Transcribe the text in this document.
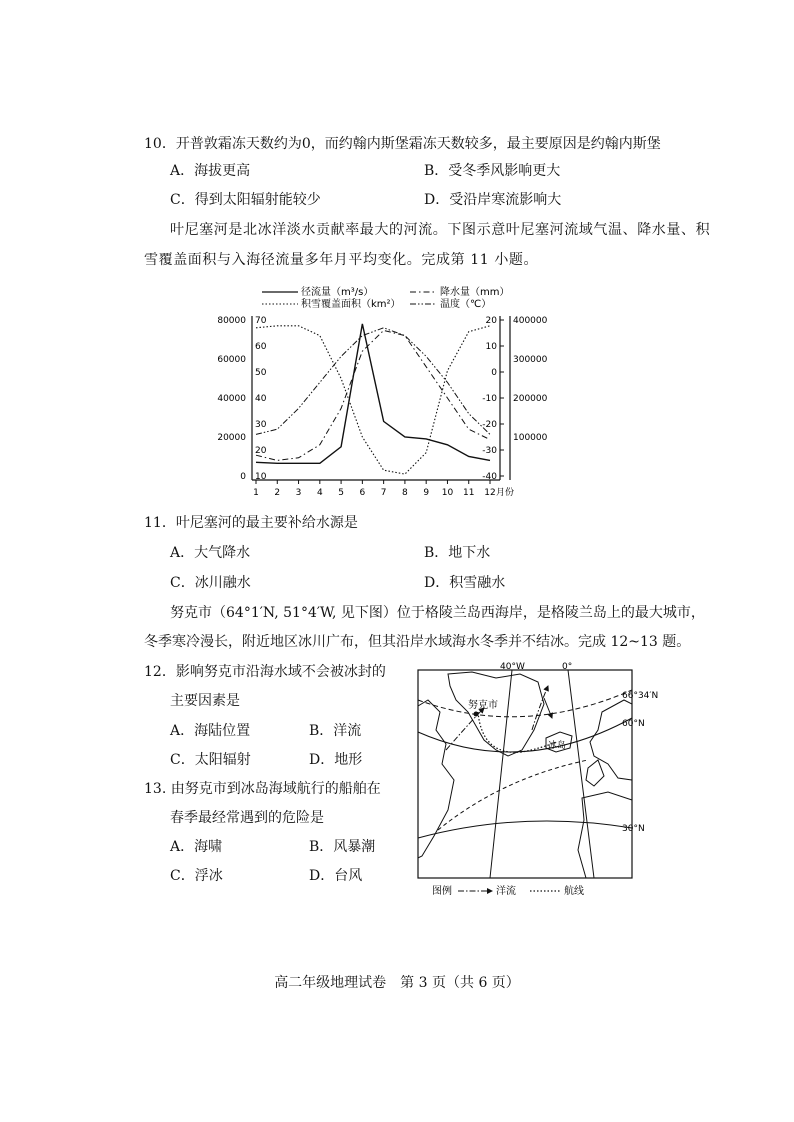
10．开普敦霜冻天数约为0，而约翰内斯堡霜冻天数较多，最主要原因是约翰内斯堡
A．海拔更高	B．受冬季风影响更大
C．得到太阳辐射能较少	D．受沿岸寒流影响大
叶尼塞河是北冰洋淡水贡献率最大的河流。下图示意叶尼塞河流域气温、降水量、积
雪覆盖面积与入海径流量多年月平均变化。完成第 11 小题。
径流量（m³/s）
积雪覆盖面积（km²）
降水量（mm）
温度（℃）
80000
60000
40000
20000
0
70
60
50
40
30
20
10
20
10
0
-10
-20
-30
-40
400000
300000
200000
100000
1 2 3 4 5 6 7 8 9 10 11 12 月份
11．叶尼塞河的最主要补给水源是
A．大气降水	B．地下水
C．冰川融水	D．积雪融水
努克市（64°1′N, 51°4′W, 见下图）位于格陵兰岛西海岸，是格陵兰岛上的最大城市，
冬季寒冷漫长，附近地区冰川广布，但其沿岸水域海水冬季并不结冰。完成 12~13 题。
12．影响努克市沿海水域不会被冰封的
主要因素是
A．海陆位置	B．洋流
C．太阳辐射	D．地形
13. 由努克市到冰岛海域航行的船舶在
春季最经常遇到的危险是
A．海啸	B．风暴潮
C．浮冰	D．台风
40°W	0°
66°34′N
60°N
30°N
努克市
冰岛
图例	洋流	航线
高二年级地理试卷　第 3 页（共 6 页）
